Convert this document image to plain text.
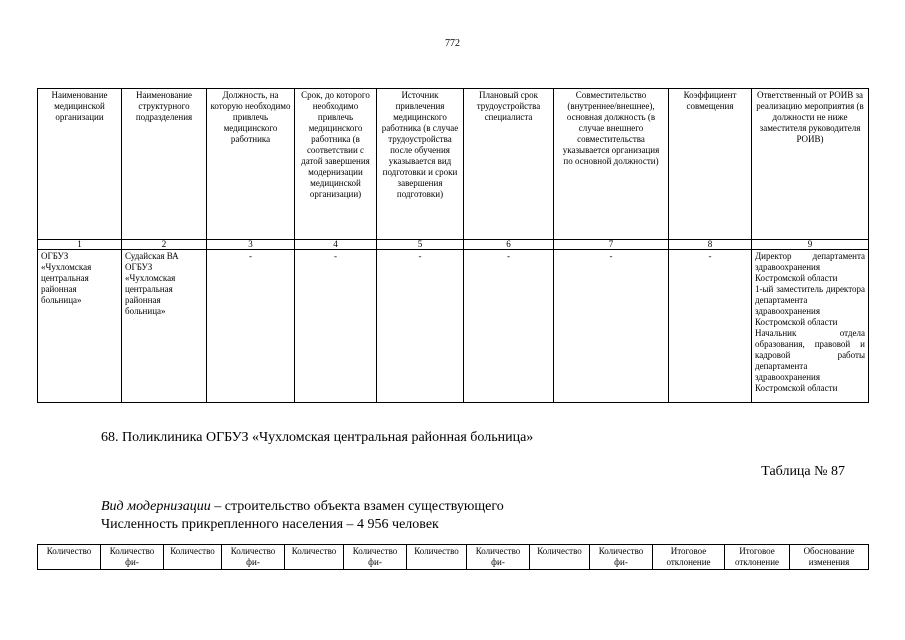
772
Наименование медицинской организации	Наименование структурного подразделения	Должность, на которую необходимо привлечь медицинского работника	Срок, до которого необходимо привлечь медицинского работника (в соответствии с датой завершения модернизации медицинской организации)	Источник привлечения медицинского работника (в случае трудоустройства после обучения указывается вид подготовки и сроки завершения подготовки)	Плановый срок трудоустройства специалиста	Совместительство (внутреннее/внешнее), основная должность (в случае внешнего совместительства указывается организация по основной должности)	Коэффициент совмещения	Ответственный от РОИВ за реализацию мероприятия (в должности не ниже заместителя руководителя РОИВ)
1	2	3	4	5	6	7	8	9
ОГБУЗ «Чухломская центральная районная больница»	Судайская ВА ОГБУЗ «Чухломская центральная районная больница»	-	-	-	-	-	-	Директор департамента здравоохранения Костромской области
1-ый заместитель директора департамента здравоохранения Костромской области
Начальник отдела образования, правовой и кадровой работы департамента здравоохранения Костромской области
68. Поликлиника ОГБУЗ «Чухломская центральная районная больница»
Таблица № 87
Вид модернизации – строительство объекта взамен существующего
Численность прикрепленного населения – 4 956 человек
Количество	Количество фи-	Количество	Количество фи-	Количество	Количество фи-	Количество	Количество фи-	Количество	Количество фи-	Итоговое отклонение	Итоговое отклонение	Обоснование изменения
